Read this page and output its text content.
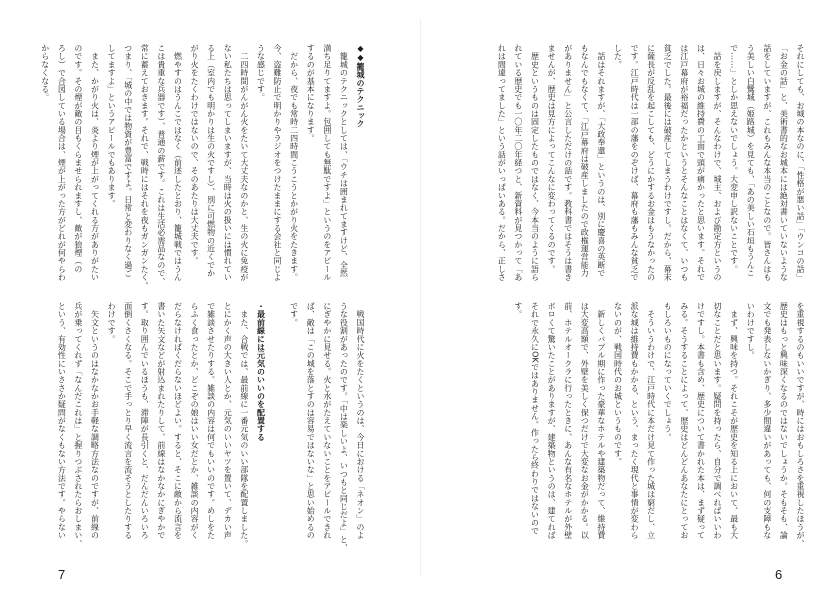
◆◆籠城のテクニック
　籠城のテクニックとしては、「ウチは囲まれてますけど、全然
満ち足りてますよ。包囲しても無駄ですよ」というのをアピール
するのが基本になります。
　だから、夜でも常時二四時間こうこうとかがり火をたきます。
今、盗難防止で明かりやラジオをつけたままにする会社と同じよ
うな感じです。
　二四時間がんがん火をたいて大丈夫なのかと、生の火に免疫が
ない私たちは思ってしまいますが、当時は火の扱いには慣れてい
る上（室内でも明かりは生の火ですし）、別に可燃物の近くでか
がり火をたくわけではないので、そのあたりは大丈夫です。
　燃やすのはうんこではなく（前述したとおり、籠城戦ではうん
こは貴重な兵器です）、普通の薪です。これは生活必需品なので、
常に蓄えておきます。それで、戦時にはそれを夜もガンガンたく。
つまり、「城の中では物資が豊富ですよ。日常と変わりなく過ご
してますよ」というアピールでもあります。
　また、かがり火は、炎より煙が上がってくれる方がありがたい
のです。その煙が敵の目もくらませられますし、敵が狼煙（の
ろし）で合図している場合は、煙が上がった方がどれが何やらわ
からなくなる。
　戦国時代に火をたくというのは、今日における「ネオン」のよ
うな役割があったのです。「中は楽しいよ、いつもと同じだよ」と、
にぎやかに見せる。火と水がたえていないことをアピールできれ
ば、敵は「この城を落とすのは容易ではないな」と思い始めるの
です。
・最前線には元気のいいのを配置する
　また、合戦では、最前線に一番元気のいい部隊を配置しました。
とにかく声の大きい人とか、元気のいいヤツを置いて、デカい声
で雑談させたりする。雑談の内容は何でもいいのです。めしをた
らふく食ったとか、どこぞの娘はいい女だとか、雑談の内容がく
だらなければくだらないほどよい。すると、そこに敵から流言を
書いた矢文などが射込まれたりして、前線はなかなかにぎやかで
す。取り囲んでいるほうも、滞陣が長引くと、だんだんいろいろ
面倒くさくなる。そこで手っとり早く流言を流そうとしたりする
わけです。
　矢文というのはなかなかお手軽な調略方法なのですが、前線の
兵が乗ってくれず「なんだこれは」と握りつぶされたらおしまい、
という、有効性にいささか疑問がなくもない方法です。やらない
7
それにしても、お城の本なのに、「性格が悪い話」「ウンコの話」
「お金の話」と、美術書的なお城本には絶対書いていないような
話をしていますが、これもみんな本当のことなので。皆さんはも
う美しい白鷺城（姫路城）を見ても、「あの美しい石垣もうんこ
で……」としか思えないでしょう。大変申し訳ないことです。
　話を戻しますが、そんなわけで、城主、および勘定方というの
は、日々お城の維持費の工面で頭が痛かったと思います。それで
は江戸幕府が裕福だったかというとそんなことはなくて、いつも
貧乏でした。最後には破産してしまうわけですし。だから、幕末
に薩長が反乱を起こしても、どうにかするお金はもうなかったの
です。江戸時代は一部の藩をのぞけば、幕府も藩もみんな貧乏で
した。
　話はそれますが、「大政奉還」というのは、別に慶喜の英断で
もなんでもなくて、「江戸幕府は破産しましたので政権運営能力
がありません」と公言しただけの話です。教科書ではそうは書き
ませんが、歴史は見方によってこんなに変わってくるのです。
　歴史というものは固定したものではなく、今本当のように語ら
れている歴史でも一〇年二〇年経つと、新資料が見つかって「あ
れは間違ってました」という話がいっぱいある。だから、正しさ
を重視するのもいいですが、時にはおもしろさを重視したほうが、
歴史はもっと興味深くなるのではないでしょうか。そもそも、論
文でも発表しないかぎり、多少間違いがあっても、何の支障もな
いわけですし。
　まず、興味を持つ。それこそが歴史を知る上において、最も大
切なことだと思います。疑問を持ったら、自分で調べればいいわ
けですし。本書も含め、歴史について書かれた本は、まず疑って
みる。そうすることによって、歴史はどんどんあなたにとってお
もしろいものになっていくでしょう。
　そういうわけで、江戸時代に本だけ見て作った城は窮だし、立
派な城は維持費もかかる、という、まったく現代と事情が変わら
ないのが、戦国時代のお城というものです。
　新しくバブル期に作った豪華なホテルや建築物だって、維持費
は大変高額で、外壁を美しく保つだけで大変なお金がかかる。以
前、ホテルオークラに行ったときに、あんな有名なホテルが外壁
ボロくて驚いたことがありますが、建築物というのは、建てれば
それで永久にOKではありません。作ったら終わりではないので
す。
6
